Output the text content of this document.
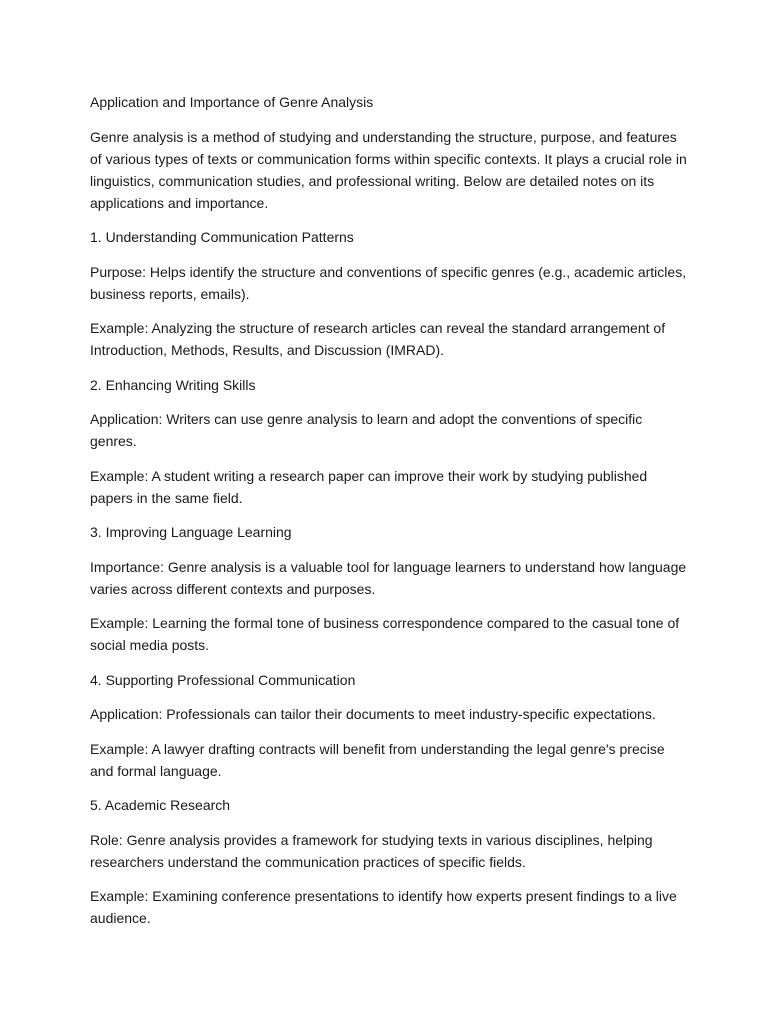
Application and Importance of Genre Analysis

Genre analysis is a method of studying and understanding the structure, purpose, and features of various types of texts or communication forms within specific contexts. It plays a crucial role in linguistics, communication studies, and professional writing. Below are detailed notes on its applications and importance.

1. Understanding Communication Patterns

Purpose: Helps identify the structure and conventions of specific genres (e.g., academic articles, business reports, emails).

Example: Analyzing the structure of research articles can reveal the standard arrangement of Introduction, Methods, Results, and Discussion (IMRAD).

2. Enhancing Writing Skills

Application: Writers can use genre analysis to learn and adopt the conventions of specific genres.

Example: A student writing a research paper can improve their work by studying published papers in the same field.

3. Improving Language Learning

Importance: Genre analysis is a valuable tool for language learners to understand how language varies across different contexts and purposes.

Example: Learning the formal tone of business correspondence compared to the casual tone of social media posts.

4. Supporting Professional Communication

Application: Professionals can tailor their documents to meet industry-specific expectations.

Example: A lawyer drafting contracts will benefit from understanding the legal genre's precise and formal language.

5. Academic Research

Role: Genre analysis provides a framework for studying texts in various disciplines, helping researchers understand the communication practices of specific fields.

Example: Examining conference presentations to identify how experts present findings to a live audience.
